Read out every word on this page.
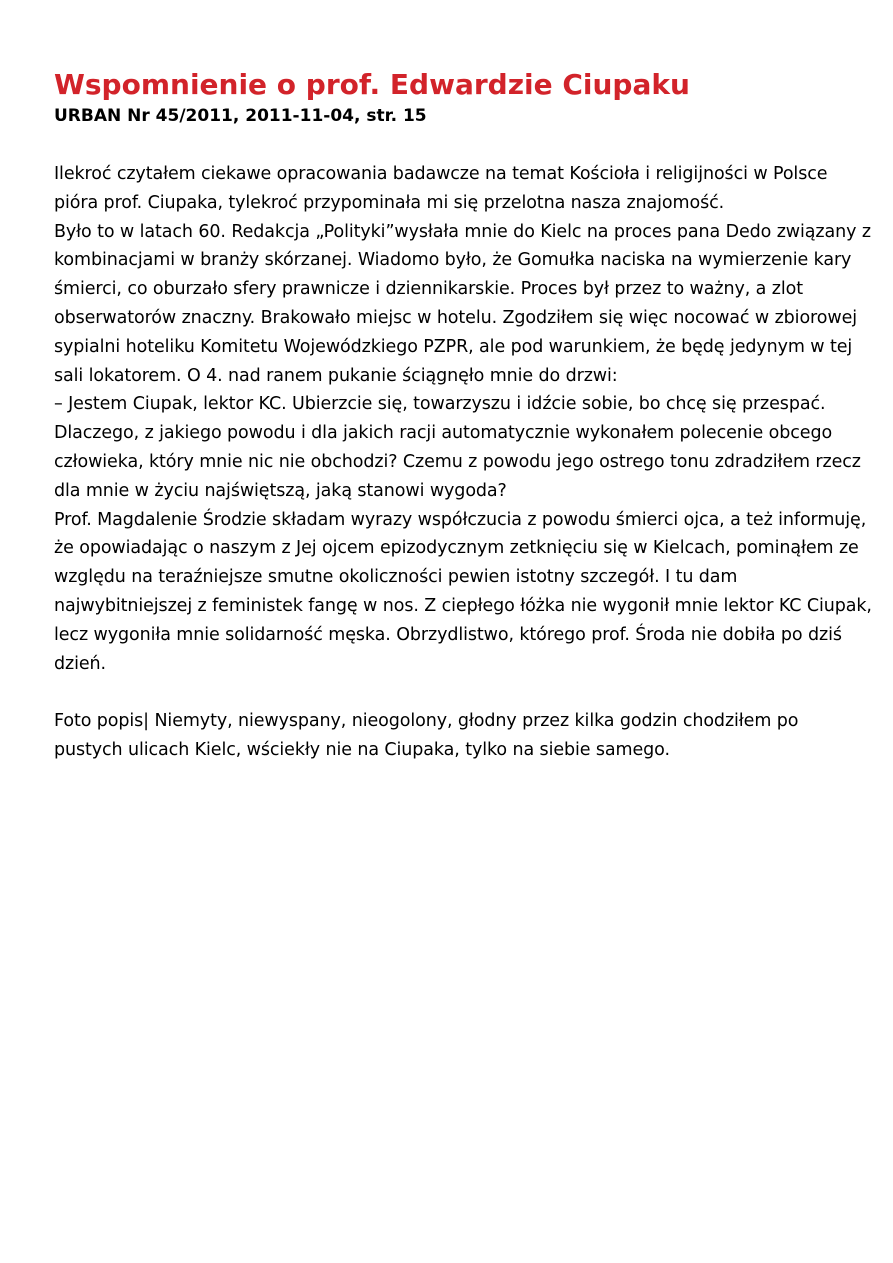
Wspomnienie o prof. Edwardzie Ciupaku
URBAN Nr 45/2011, 2011-11-04, str. 15

Ilekroć czytałem ciekawe opracowania badawcze na temat Kościoła i religijności w Polsce pióra prof. Ciupaka, tylekroć przypominała mi się przelotna nasza znajomość.

Było to w latach 60. Redakcja „Polityki”wysłała mnie do Kielc na proces pana Dedo związany z kombinacjami w branży skórzanej. Wiadomo było, że Gomułka naciska na wymierzenie kary śmierci, co oburzało sfery prawnicze i dziennikarskie. Proces był przez to ważny, a zlot obserwatorów znaczny. Brakowało miejsc w hotelu. Zgodziłem się więc nocować w zbiorowej sypialni hoteliku Komitetu Wojewódzkiego PZPR, ale pod warunkiem, że będę jedynym w tej sali lokatorem. O 4. nad ranem pukanie ściągnęło mnie do drzwi:

– Jestem Ciupak, lektor KC. Ubierzcie się, towarzyszu i idźcie sobie, bo chcę się przespać.

Dlaczego, z jakiego powodu i dla jakich racji automatycznie wykonałem polecenie obcego człowieka, który mnie nic nie obchodzi? Czemu z powodu jego ostrego tonu zdradziłem rzecz dla mnie w życiu najświętszą, jaką stanowi wygoda?

Prof. Magdalenie Środzie składam wyrazy współczucia z powodu śmierci ojca, a też informuję, że opowiadając o naszym z Jej ojcem epizodycznym zetknięciu się w Kielcach, pominąłem ze względu na teraźniejsze smutne okoliczności pewien istotny szczegół. I tu dam najwybitniejszej z feministek fangę w nos. Z ciepłego łóżka nie wygonił mnie lektor KC Ciupak, lecz wygoniła mnie solidarność męska. Obrzydlistwo, którego prof. Środa nie dobiła po dziś dzień.

Foto popis| Niemyty, niewyspany, nieogolony, głodny przez kilka godzin chodziłem po pustych ulicach Kielc, wściekły nie na Ciupaka, tylko na siebie samego.
